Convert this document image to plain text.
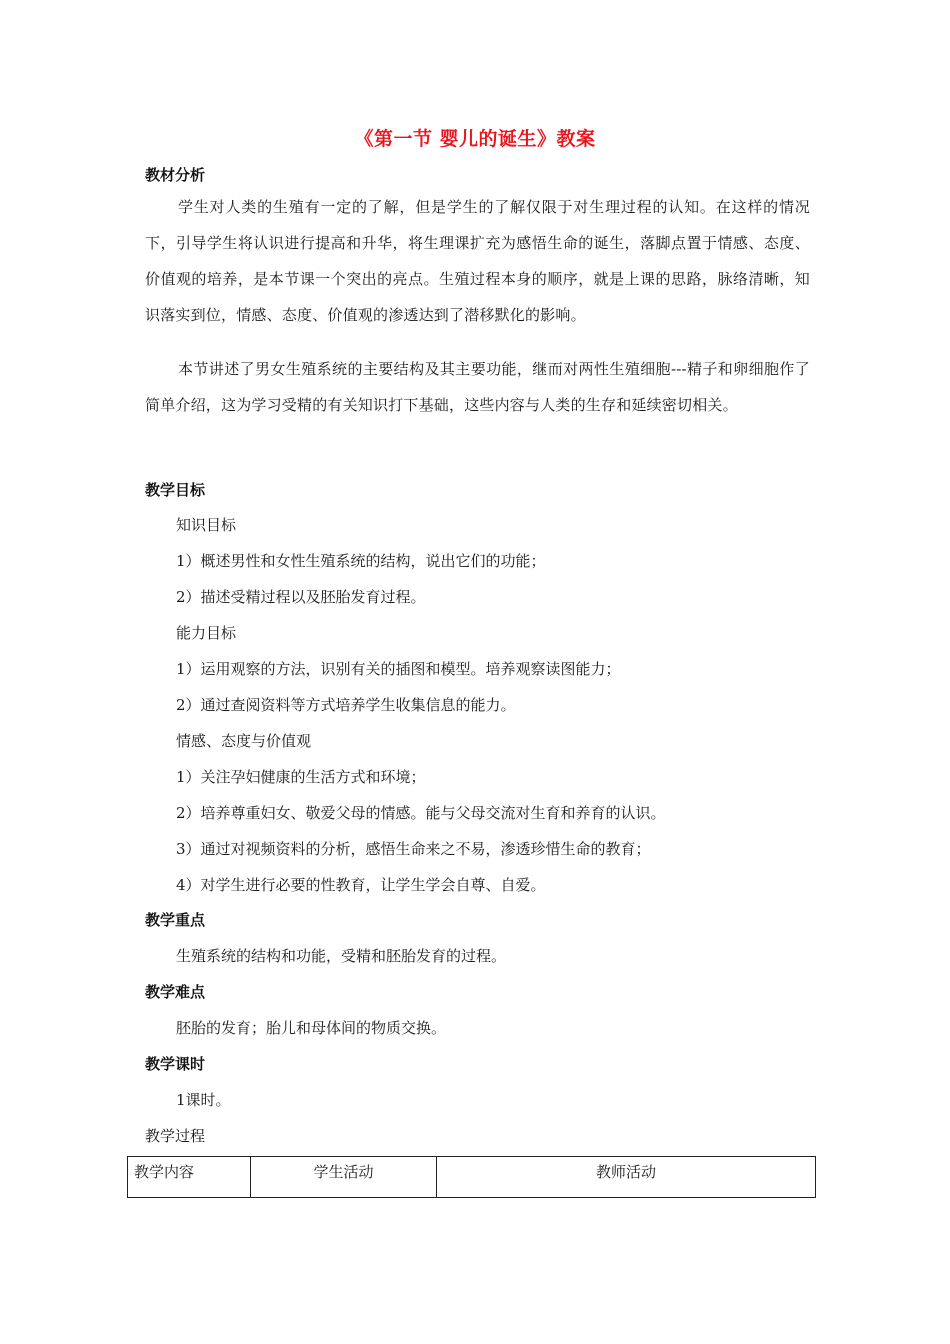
《第一节 婴儿的诞生》教案
教材分析
学生对人类的生殖有一定的了解，但是学生的了解仅限于对生理过程的认知。在这样的情况下，引导学生将认识进行提高和升华，将生理课扩充为感悟生命的诞生，落脚点置于情感、态度、价值观的培养，是本节课一个突出的亮点。生殖过程本身的顺序，就是上课的思路，脉络清晰，知识落实到位，情感、态度、价值观的渗透达到了潜移默化的影响。
本节讲述了男女生殖系统的主要结构及其主要功能，继而对两性生殖细胞---精子和卵细胞作了简单介绍，这为学习受精的有关知识打下基础，这些内容与人类的生存和延续密切相关。
教学目标
知识目标
1）概述男性和女性生殖系统的结构，说出它们的功能；
2）描述受精过程以及胚胎发育过程。
能力目标
1）运用观察的方法，识别有关的插图和模型。培养观察读图能力；
2）通过查阅资料等方式培养学生收集信息的能力。
情感、态度与价值观
1）关注孕妇健康的生活方式和环境；
2）培养尊重妇女、敬爱父母的情感。能与父母交流对生育和养育的认识。
3）通过对视频资料的分析，感悟生命来之不易，渗透珍惜生命的教育；
4）对学生进行必要的性教育，让学生学会自尊、自爱。
教学重点
生殖系统的结构和功能，受精和胚胎发育的过程。
教学难点
胚胎的发育；胎儿和母体间的物质交换。
教学课时
1课时。
教学过程
教学内容	学生活动	教师活动
